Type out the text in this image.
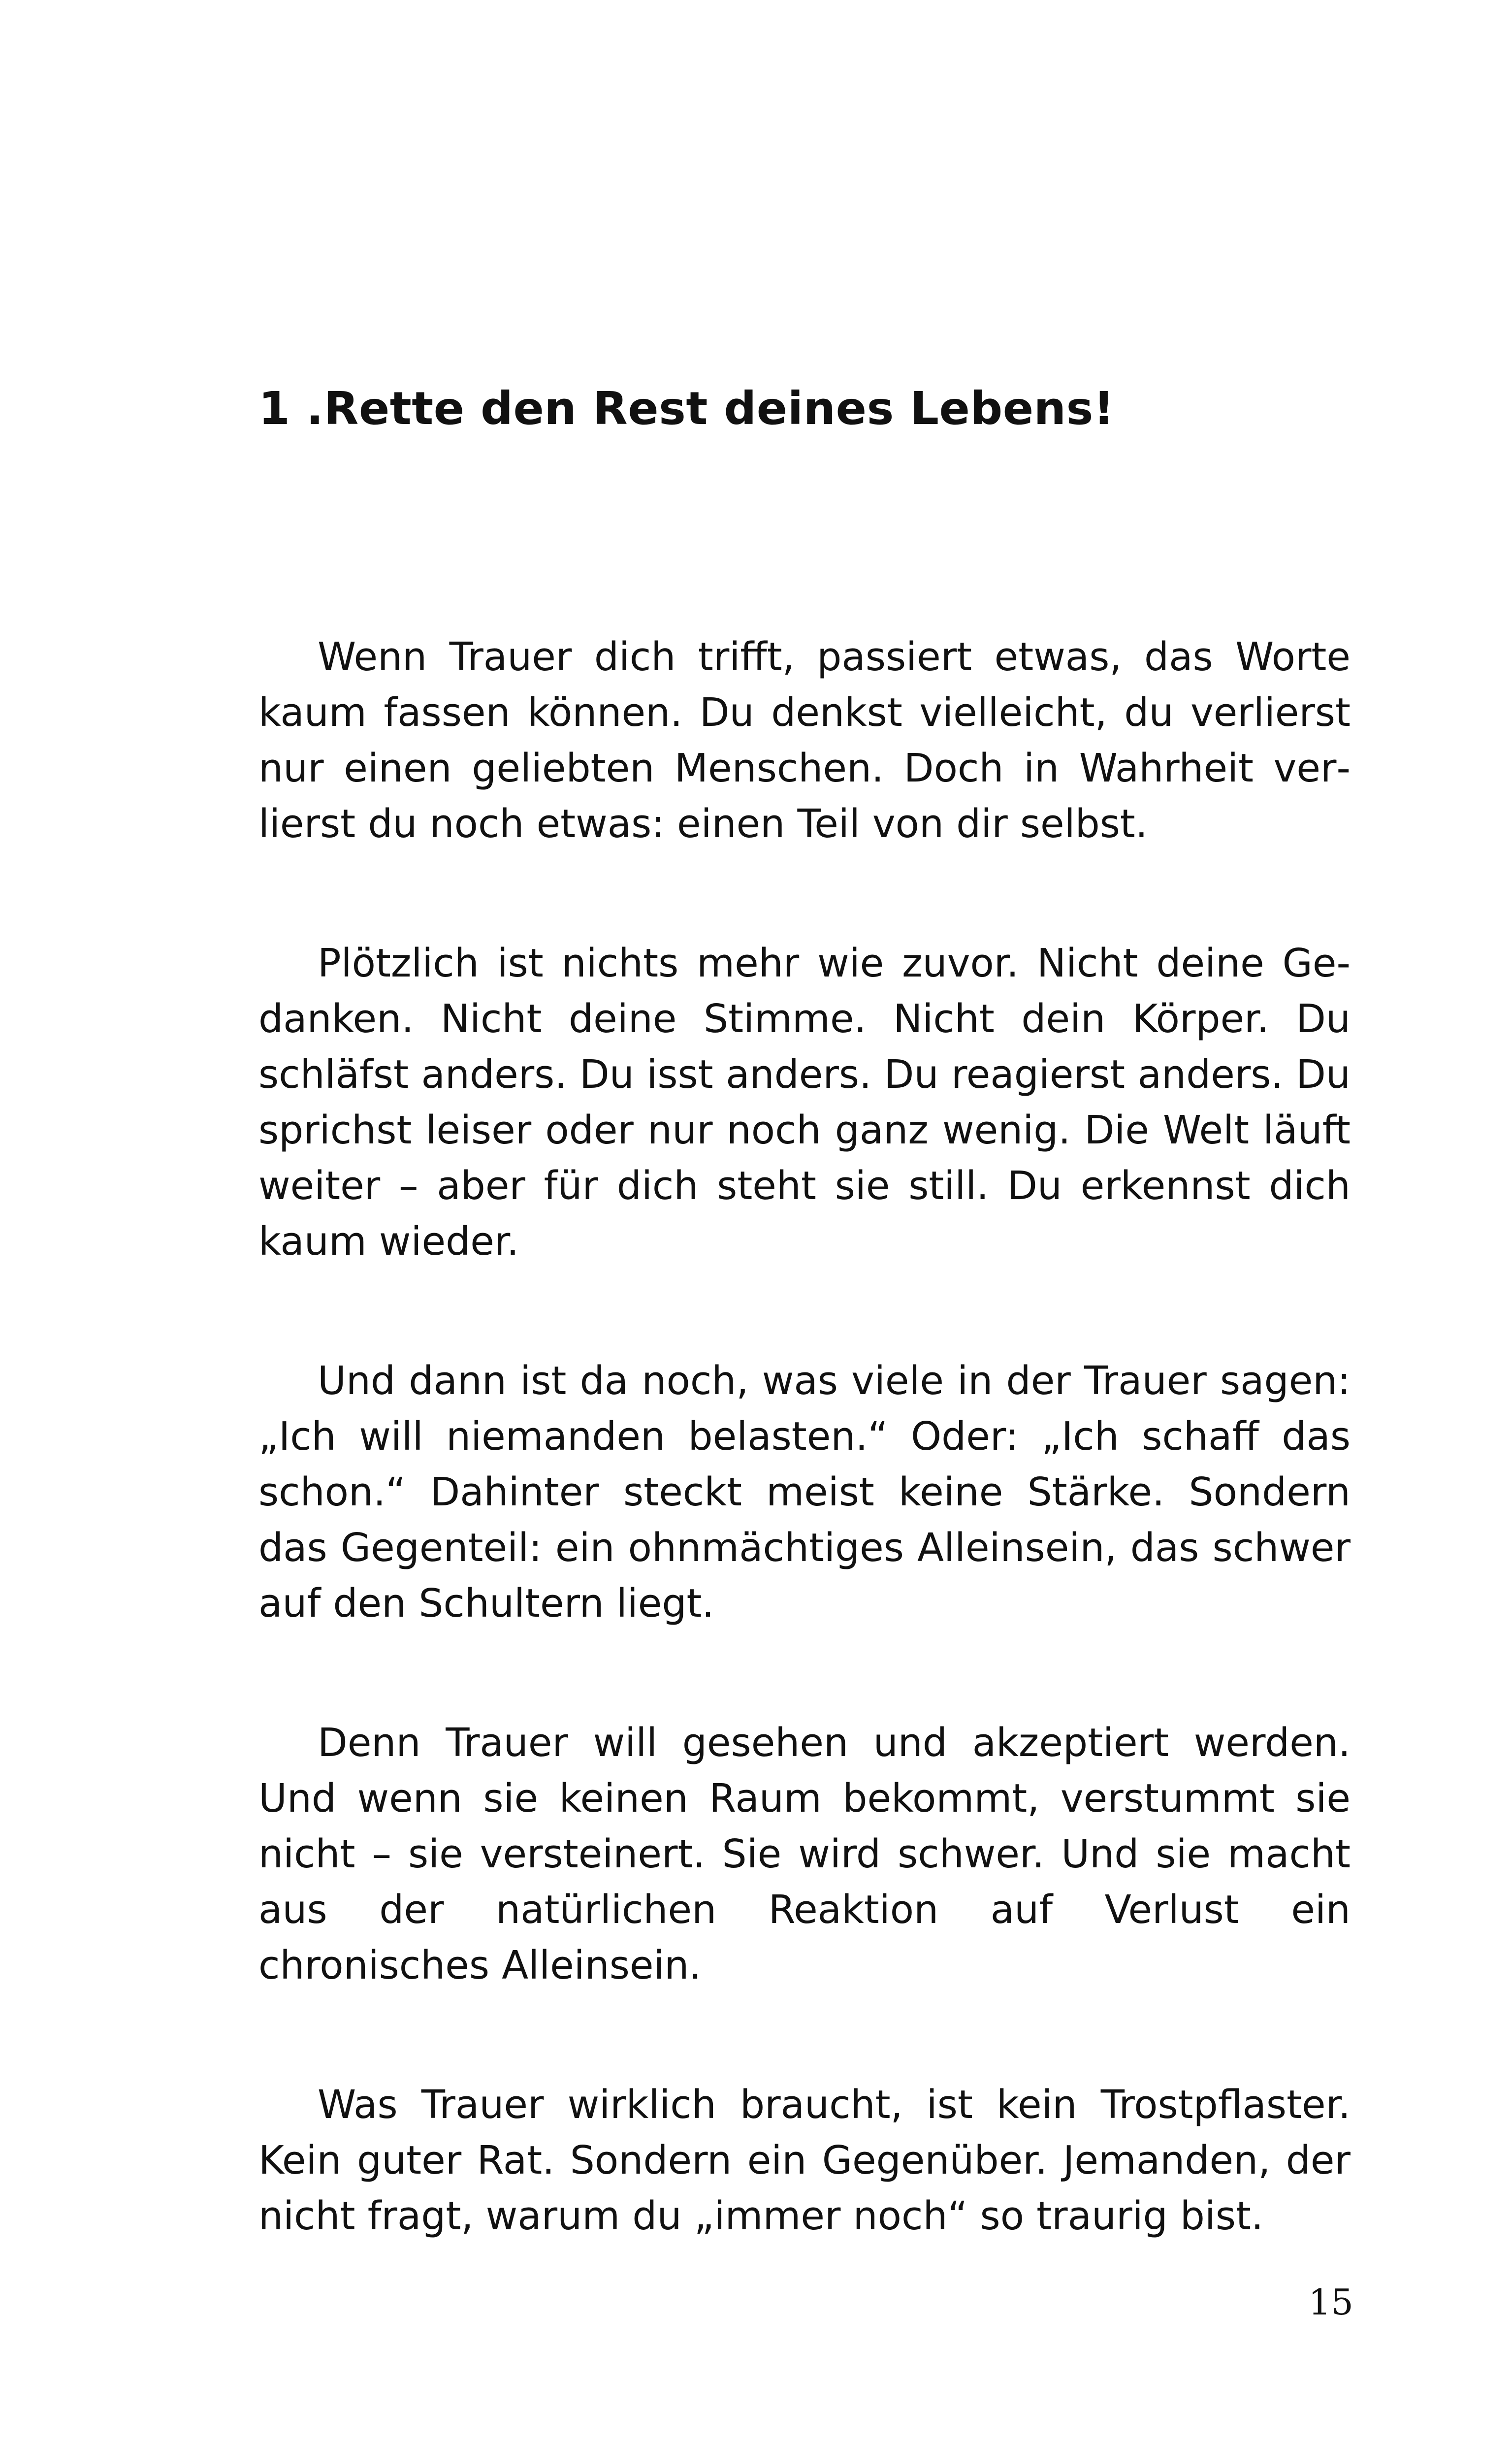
1 .Rette den Rest deines Lebens!

Wenn Trauer dich trifft, passiert etwas, das Worte kaum fassen können. Du denkst vielleicht, du verlierst nur einen geliebten Menschen. Doch in Wahrheit verlierst du noch etwas: einen Teil von dir selbst.

Plötzlich ist nichts mehr wie zuvor. Nicht deine Gedanken. Nicht deine Stimme. Nicht dein Körper. Du schläfst anders. Du isst anders. Du reagierst anders. Du sprichst leiser oder nur noch ganz wenig. Die Welt läuft weiter – aber für dich steht sie still. Du erkennst dich kaum wieder.

Und dann ist da noch, was viele in der Trauer sagen: „Ich will niemanden belasten.“ Oder: „Ich schaff das schon.“ Dahinter steckt meist keine Stärke. Sondern das Gegenteil: ein ohnmächtiges Alleinsein, das schwer auf den Schultern liegt.

Denn Trauer will gesehen und akzeptiert werden. Und wenn sie keinen Raum bekommt, verstummt sie nicht – sie versteinert. Sie wird schwer. Und sie macht aus der natürlichen Reaktion auf Verlust ein chronisches Alleinsein.

Was Trauer wirklich braucht, ist kein Trostpflaster. Kein guter Rat. Sondern ein Gegenüber. Jemanden, der nicht fragt, warum du „immer noch“ so traurig bist.

15
